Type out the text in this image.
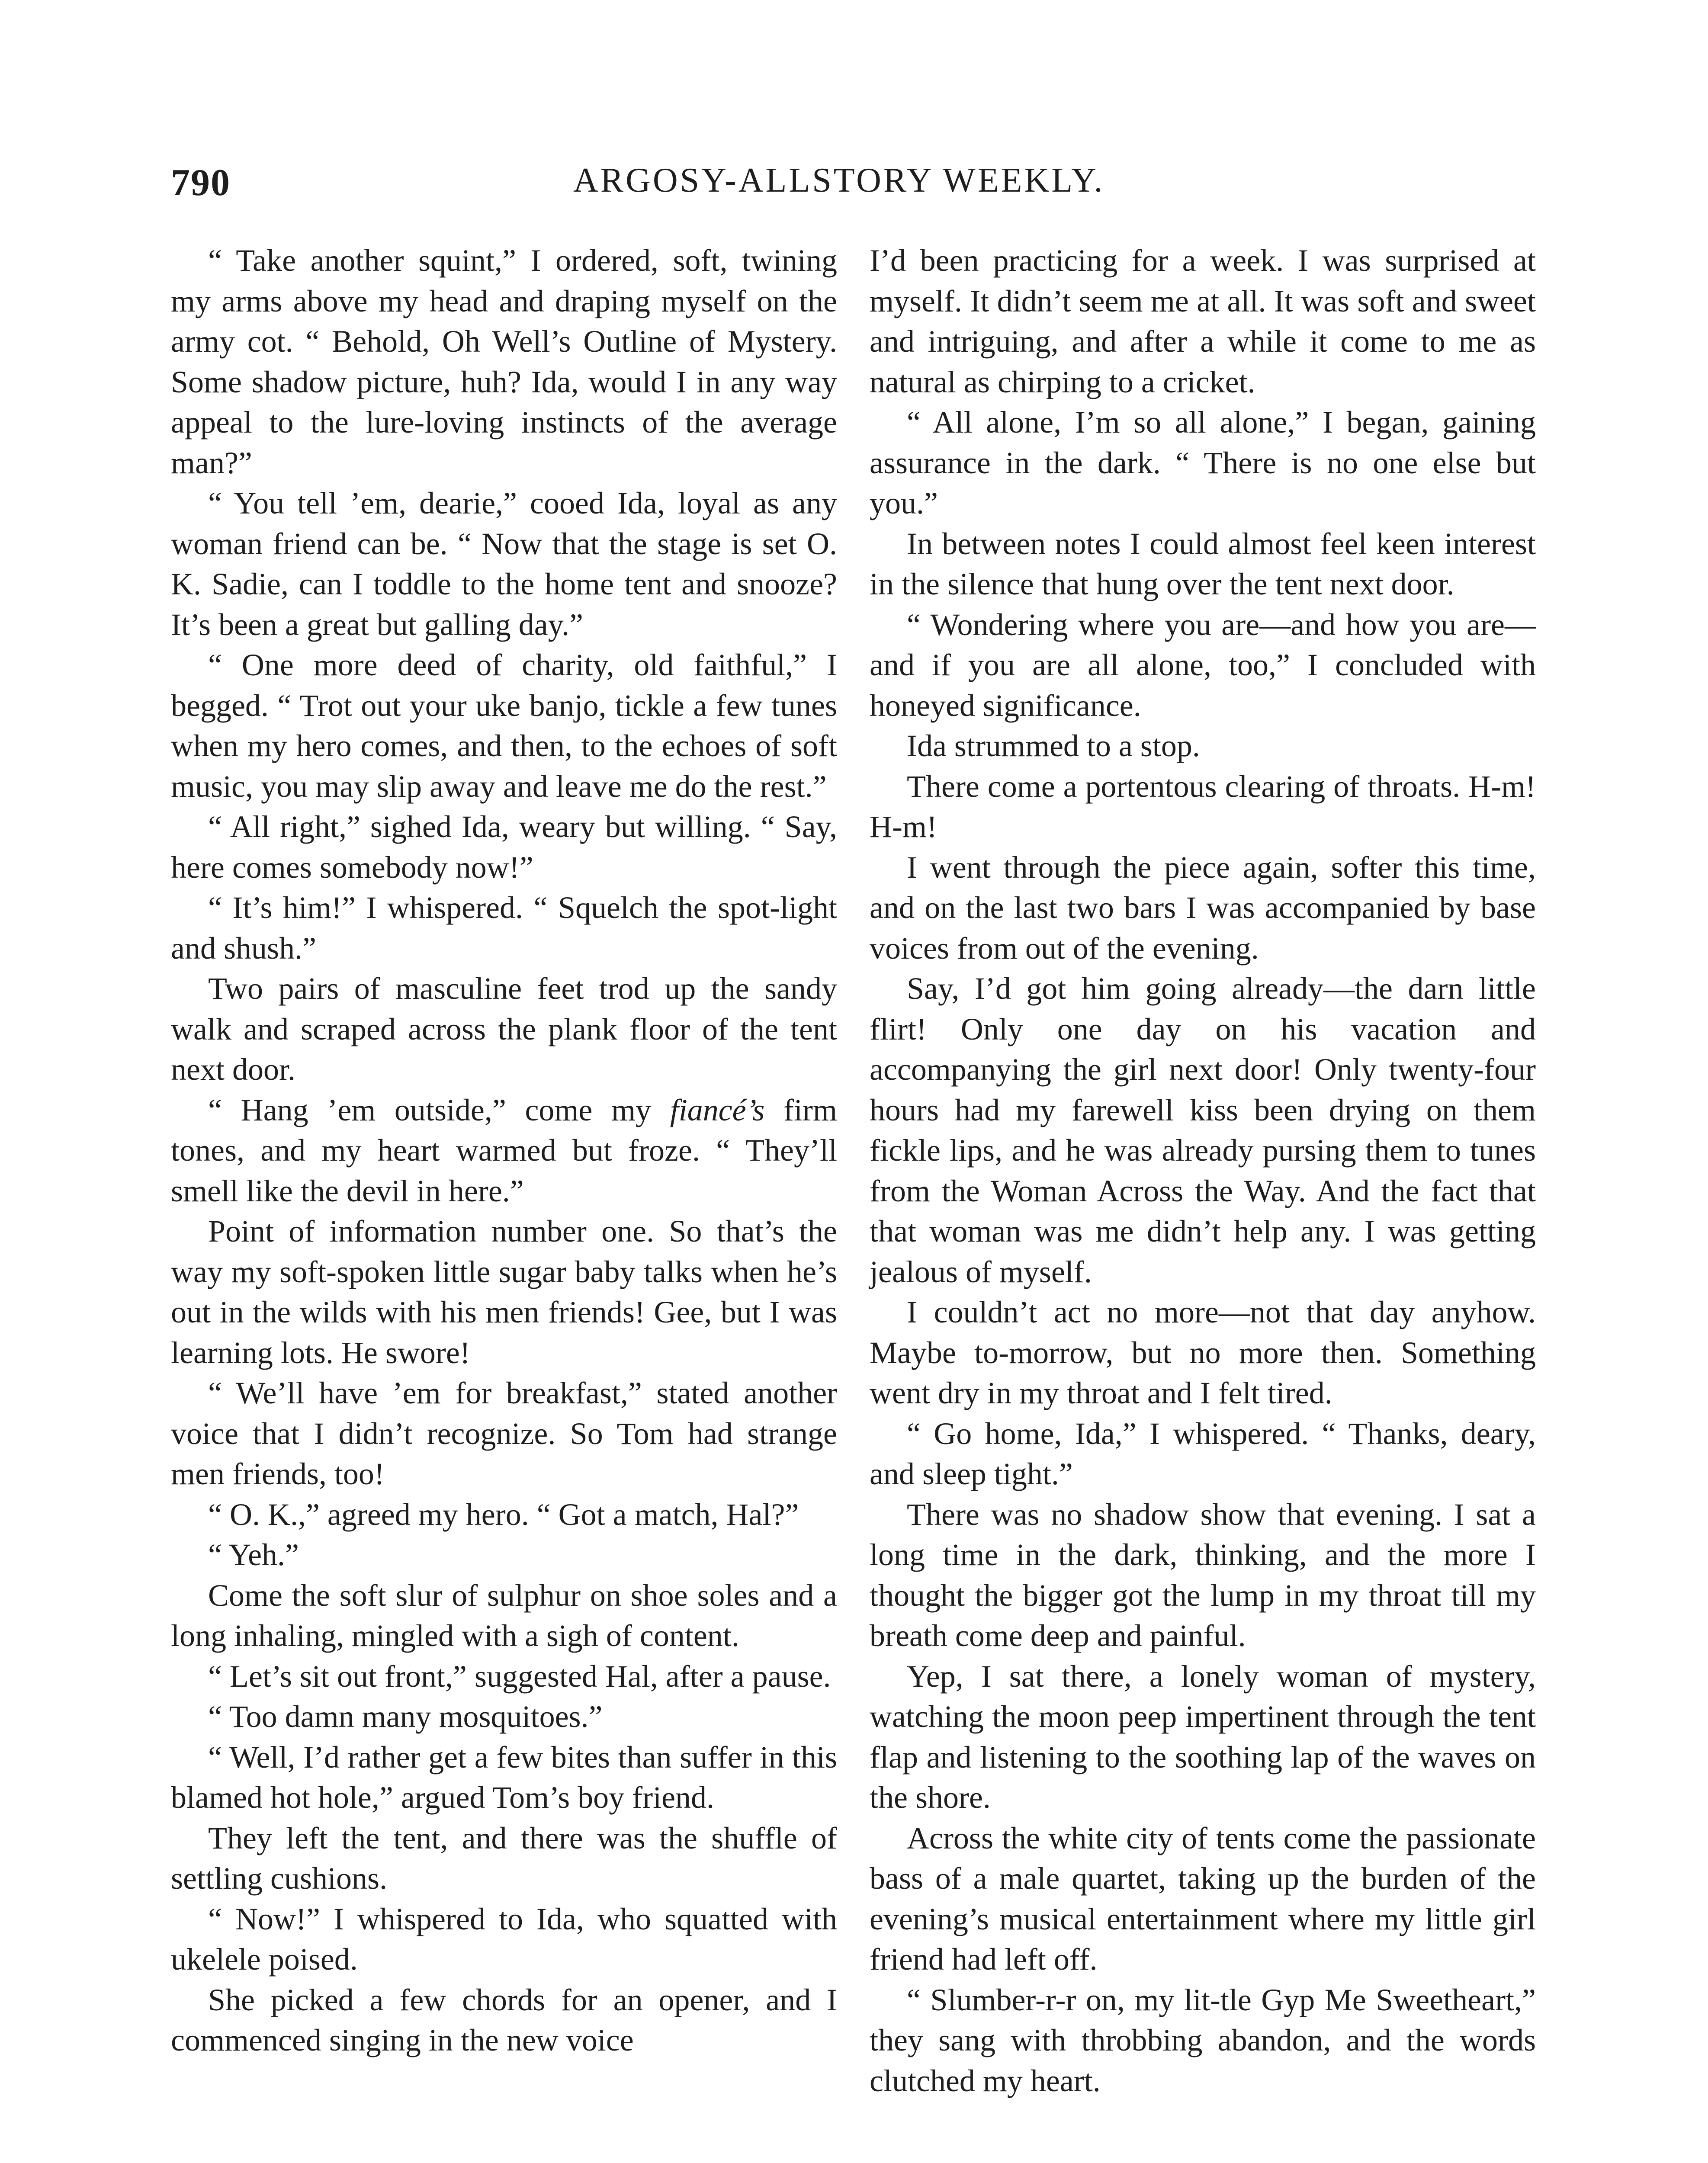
790	ARGOSY-ALLSTORY WEEKLY.

“ Take another squint,” I ordered, soft, twining my arms above my head and draping myself on the army cot. “ Behold, Oh Well’s Outline of Mystery. Some shadow picture, huh? Ida, would I in any way appeal to the lure-loving instincts of the average man?”

“ You tell ’em, dearie,” cooed Ida, loyal as any woman friend can be. “ Now that the stage is set O. K. Sadie, can I toddle to the home tent and snooze? It’s been a great but galling day.”

“ One more deed of charity, old faithful,” I begged. “ Trot out your uke banjo, tickle a few tunes when my hero comes, and then, to the echoes of soft music, you may slip away and leave me do the rest.”

“ All right,” sighed Ida, weary but willing. “ Say, here comes somebody now!”

“ It’s him!” I whispered. “ Squelch the spot-light and shush.”

Two pairs of masculine feet trod up the sandy walk and scraped across the plank floor of the tent next door.

“ Hang ’em outside,” come my fiancé’s firm tones, and my heart warmed but froze. “ They’ll smell like the devil in here.”

Point of information number one. So that’s the way my soft-spoken little sugar baby talks when he’s out in the wilds with his men friends! Gee, but I was learning lots. He swore!

“ We’ll have ’em for breakfast,” stated another voice that I didn’t recognize. So Tom had strange men friends, too!

“ O. K.,” agreed my hero. “ Got a match, Hal?”

“ Yeh.”

Come the soft slur of sulphur on shoe soles and a long inhaling, mingled with a sigh of content.

“ Let’s sit out front,” suggested Hal, after a pause.

“ Too damn many mosquitoes.”

“ Well, I’d rather get a few bites than suffer in this blamed hot hole,” argued Tom’s boy friend.

They left the tent, and there was the shuffle of settling cushions.

“ Now!” I whispered to Ida, who squatted with ukelele poised.

She picked a few chords for an opener, and I commenced singing in the new voice

I’d been practicing for a week. I was surprised at myself. It didn’t seem me at all. It was soft and sweet and intriguing, and after a while it come to me as natural as chirping to a cricket.

“ All alone, I’m so all alone,” I began, gaining assurance in the dark. “ There is no one else but you.”

In between notes I could almost feel keen interest in the silence that hung over the tent next door.

“ Wondering where you are—and how you are—and if you are all alone, too,” I concluded with honeyed significance.

Ida strummed to a stop.

There come a portentous clearing of throats. H-m! H-m!

I went through the piece again, softer this time, and on the last two bars I was accompanied by base voices from out of the evening.

Say, I’d got him going already—the darn little flirt! Only one day on his vacation and accompanying the girl next door! Only twenty-four hours had my farewell kiss been drying on them fickle lips, and he was already pursing them to tunes from the Woman Across the Way. And the fact that that woman was me didn’t help any. I was getting jealous of myself.

I couldn’t act no more—not that day anyhow. Maybe to-morrow, but no more then. Something went dry in my throat and I felt tired.

“ Go home, Ida,” I whispered. “ Thanks, deary, and sleep tight.”

There was no shadow show that evening. I sat a long time in the dark, thinking, and the more I thought the bigger got the lump in my throat till my breath come deep and painful.

Yep, I sat there, a lonely woman of mystery, watching the moon peep impertinent through the tent flap and listening to the soothing lap of the waves on the shore.

Across the white city of tents come the passionate bass of a male quartet, taking up the burden of the evening’s musical entertainment where my little girl friend had left off.

“ Slumber-r-r on, my lit-tle Gyp Me Sweetheart,” they sang with throbbing abandon, and the words clutched my heart.
